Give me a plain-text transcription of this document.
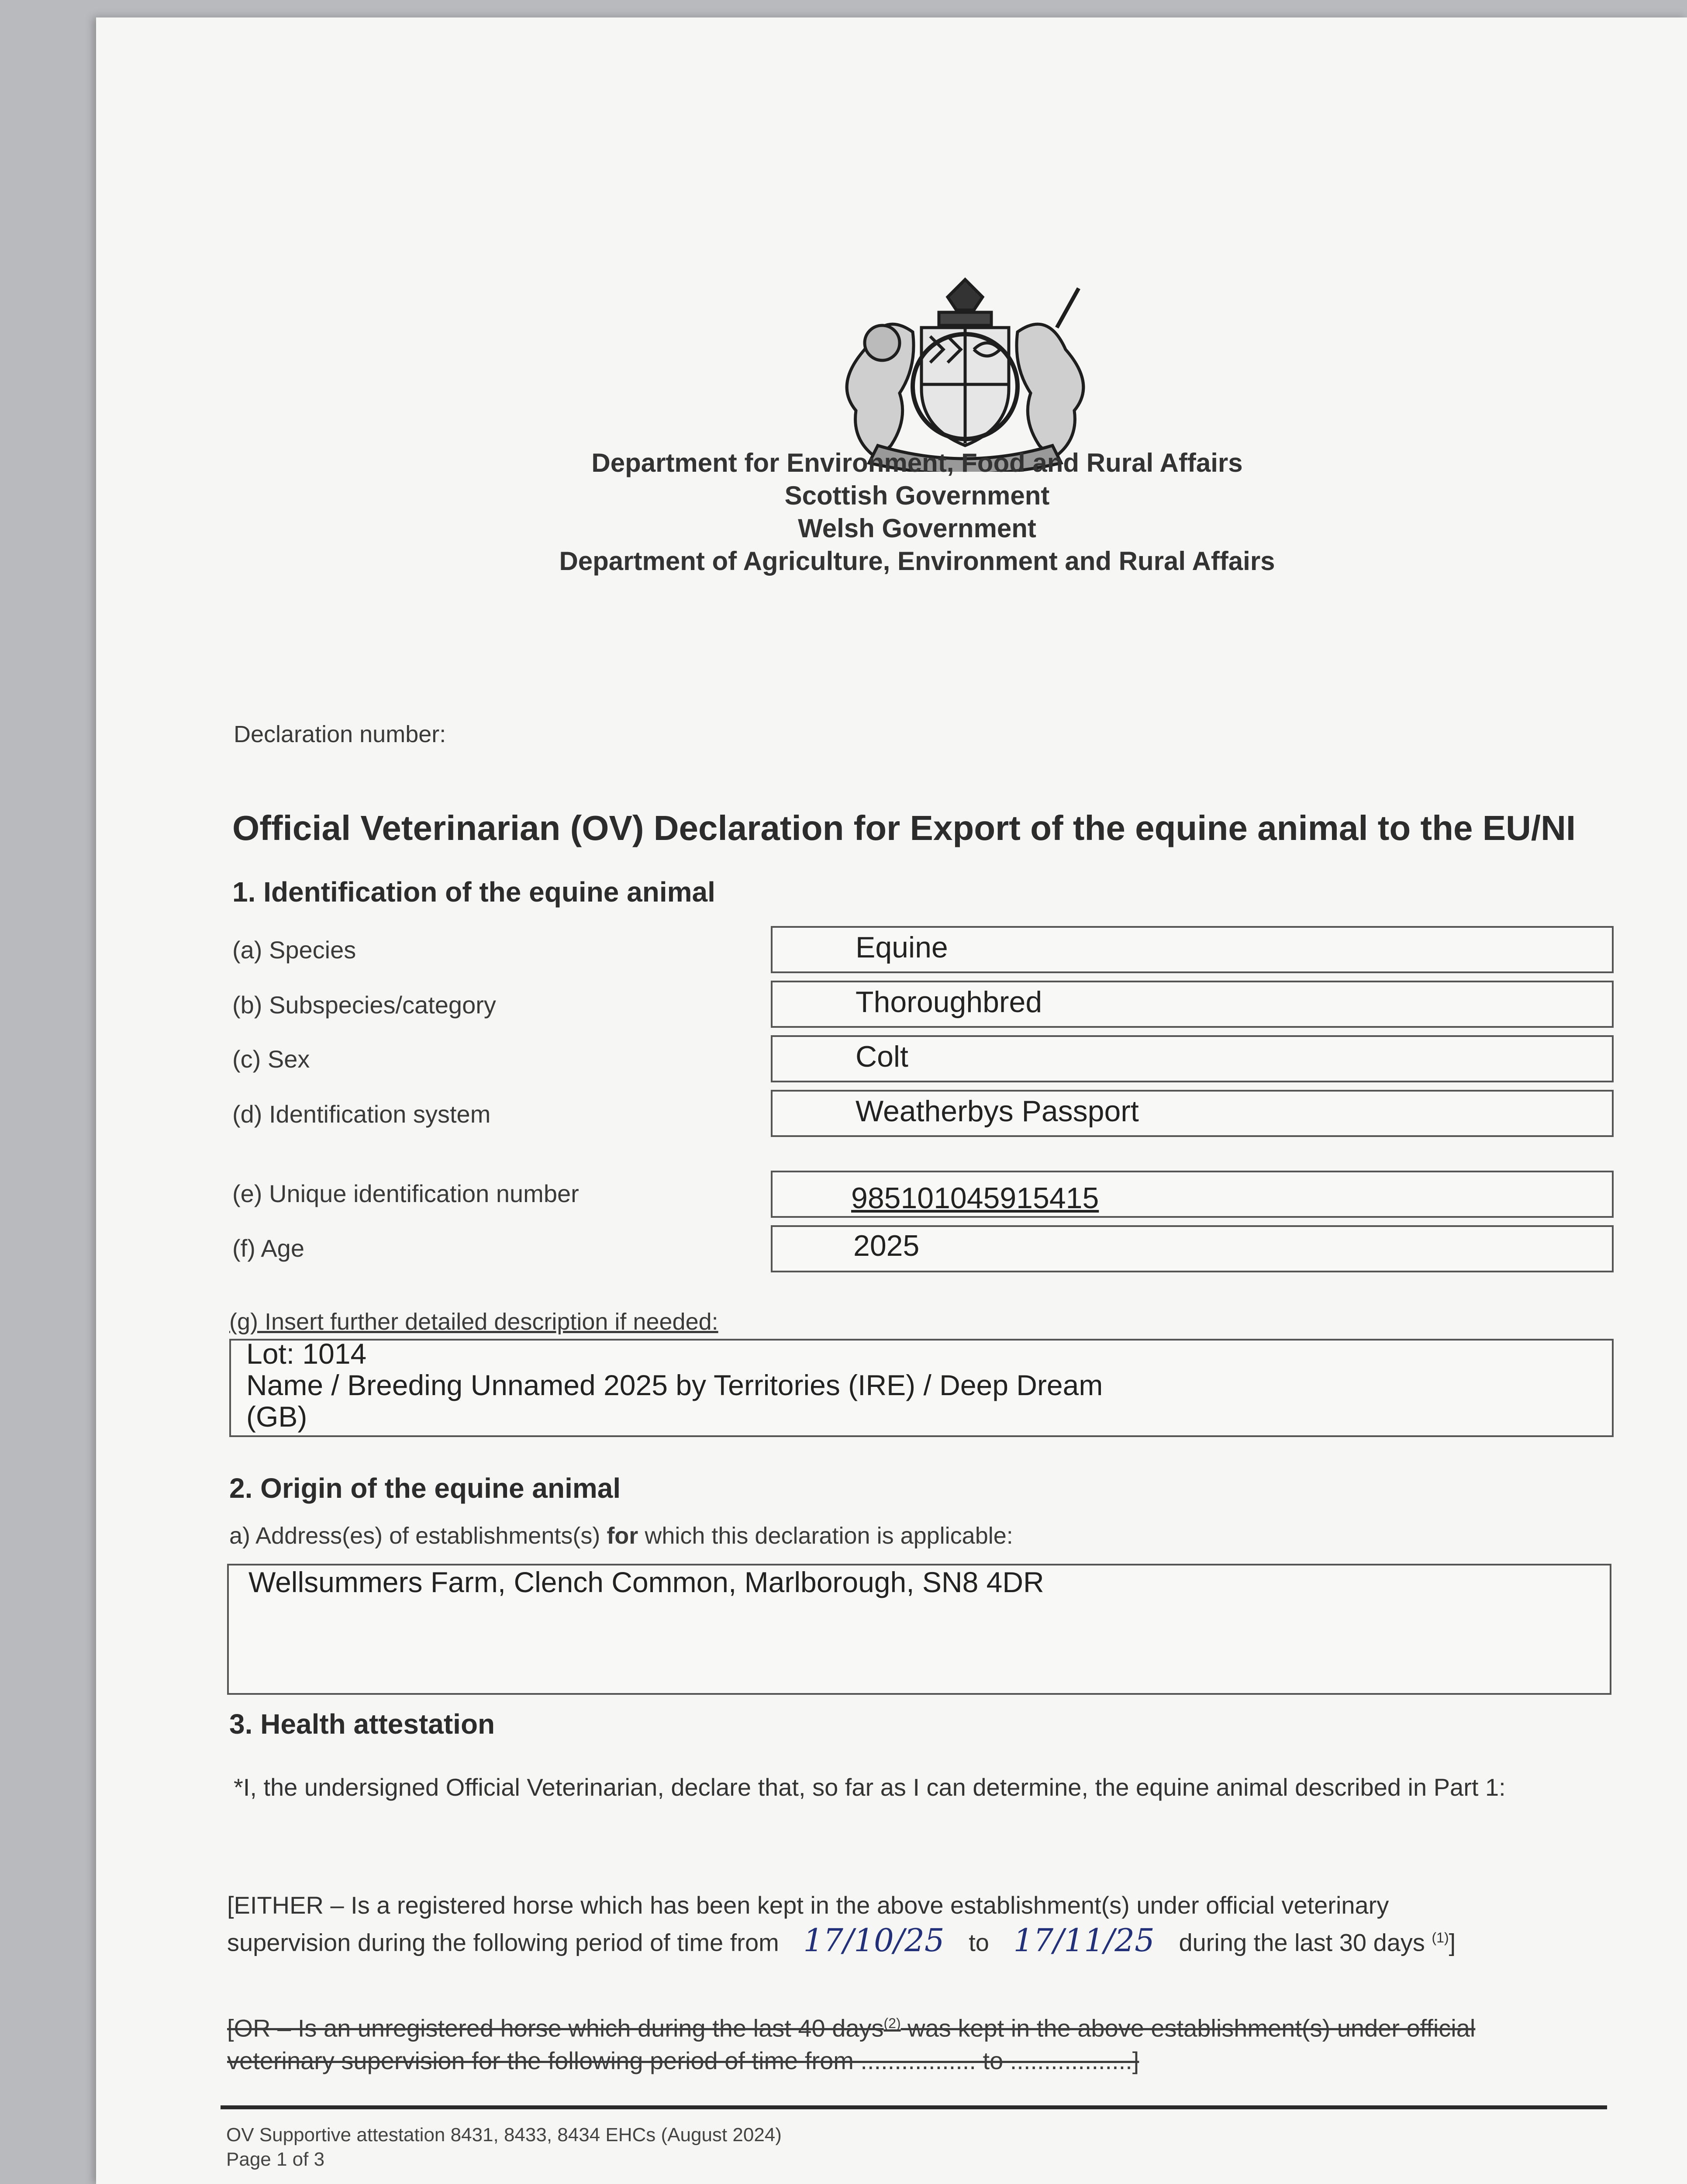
Department for Environment, Food and Rural Affairs
Scottish Government
Welsh Government
Department of Agriculture, Environment and Rural Affairs
Declaration number:
Official Veterinarian (OV) Declaration for Export of the equine animal to the EU/NI
1. Identification of the equine animal
(a) Species	Equine
(b) Subspecies/category	Thoroughbred
(c) Sex	Colt
(d) Identification system	Weatherbys Passport
(e) Unique identification number	985101045915415
(f) Age	2025
(g) Insert further detailed description if needed:
Lot: 1014
Name / Breeding Unnamed 2025 by Territories (IRE) / Deep Dream
(GB)
2. Origin of the equine animal
a) Address(es) of establishments(s) for which this declaration is applicable:
Wellsummers Farm, Clench Common, Marlborough, SN8 4DR
3. Health attestation
*I, the undersigned Official Veterinarian, declare that, so far as I can determine, the equine animal described in Part 1:
[EITHER – Is a registered horse which has been kept in the above establishment(s) under official veterinary
supervision during the following period of time from 17/10/25 to 17/11/25 during the last 30 days $^{(1)}$]
[OR – Is an unregistered horse which during the last 40 days$^{(2)}$ was kept in the above establishment(s) under official
veterinary supervision for the following period of time from ................. to ..................]
OV Supportive attestation 8431, 8433, 8434 EHCs (August 2024)
Page 1 of 3
